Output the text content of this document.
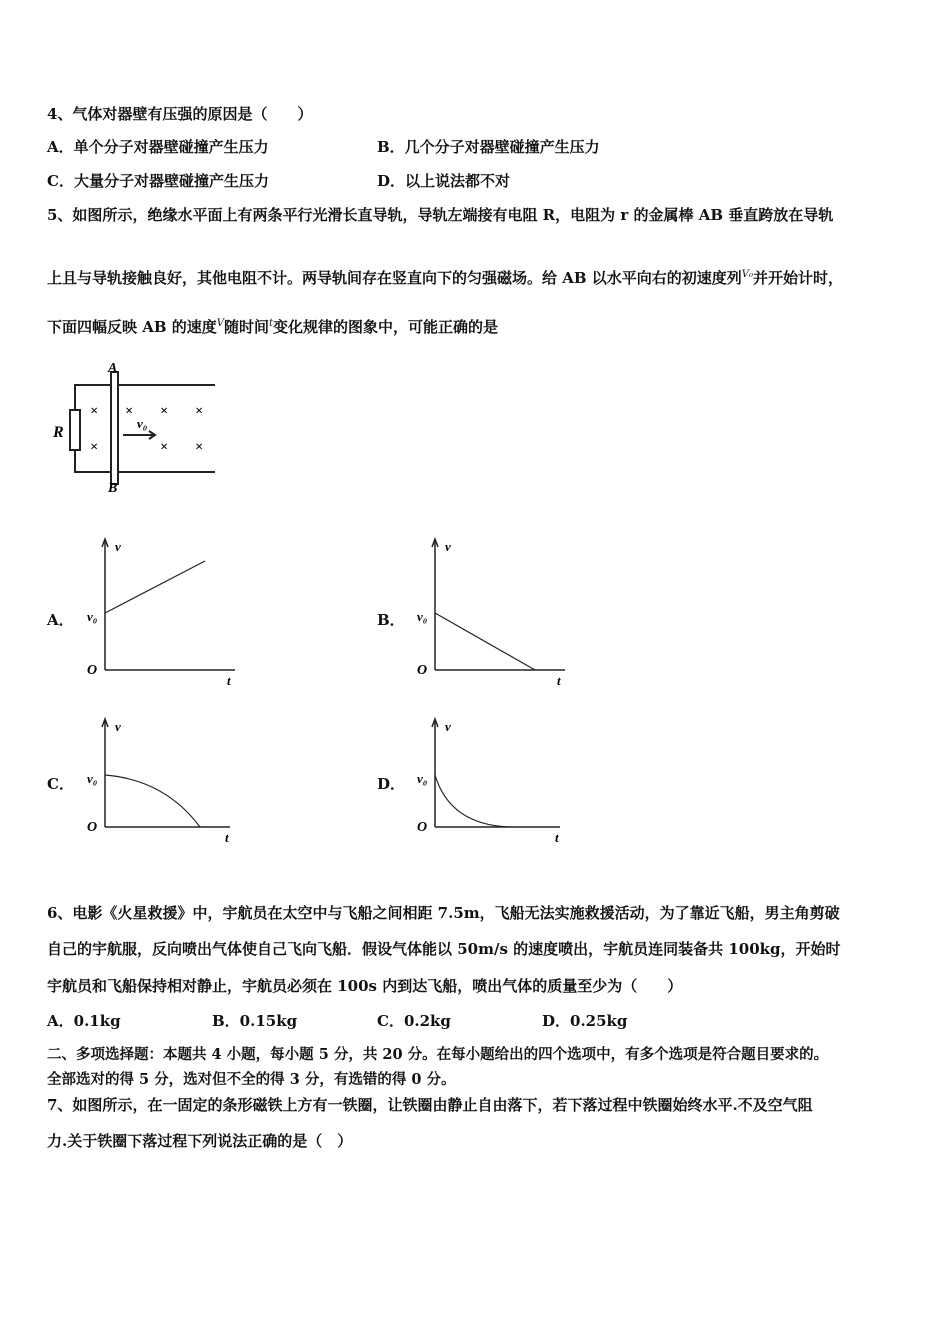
4、气体对器壁有压强的原因是（　　）
A．单个分子对器壁碰撞产生压力	B．几个分子对器壁碰撞产生压力
C．大量分子对器壁碰撞产生压力	D．以上说法都不对
5、如图所示，绝缘水平面上有两条平行光滑长直导轨，导轨左端接有电阻 R，电阻为 r 的金属棒 AB 垂直跨放在导轨
上且与导轨接触良好，其他电阻不计。两导轨间存在竖直向下的匀强磁场。给 AB 以水平向右的初速度列$^{V_0}$并开始计时，
下面四幅反映 AB 的速度$^V$随时间$^t$变化规律的图象中，可能正确的是
R
A
B
v₀
× × × ×
×	× ×
A．
v
t
O
v₀	B．
v
t
O
v₀
C．
v
t
O
v₀	D．
v
t
O
v₀
6、电影《火星救援》中，宇航员在太空中与飞船之间相距 7.5m，飞船无法实施救援活动，为了靠近飞船，男主角剪破
自己的宇航服，反向喷出气体使自己飞向飞船．假设气体能以 50m/s 的速度喷出，宇航员连同装备共 100kg，开始时
宇航员和飞船保持相对静止，宇航员必须在 100s 内到达飞船，喷出气体的质量至少为（　　）
A．0.1kg	B．0.15kg	C．0.2kg	D．0.25kg
二、多项选择题：本题共 4 小题，每小题 5 分，共 20 分。在每小题给出的四个选项中，有多个选项是符合题目要求的。
全部选对的得 5 分，选对但不全的得 3 分，有选错的得 0 分。
7、如图所示，在一固定的条形磁铁上方有一铁圈，让铁圈由静止自由落下，若下落过程中铁圈始终水平.不及空气阻
力.关于铁圈下落过程下列说法正确的是（　）
